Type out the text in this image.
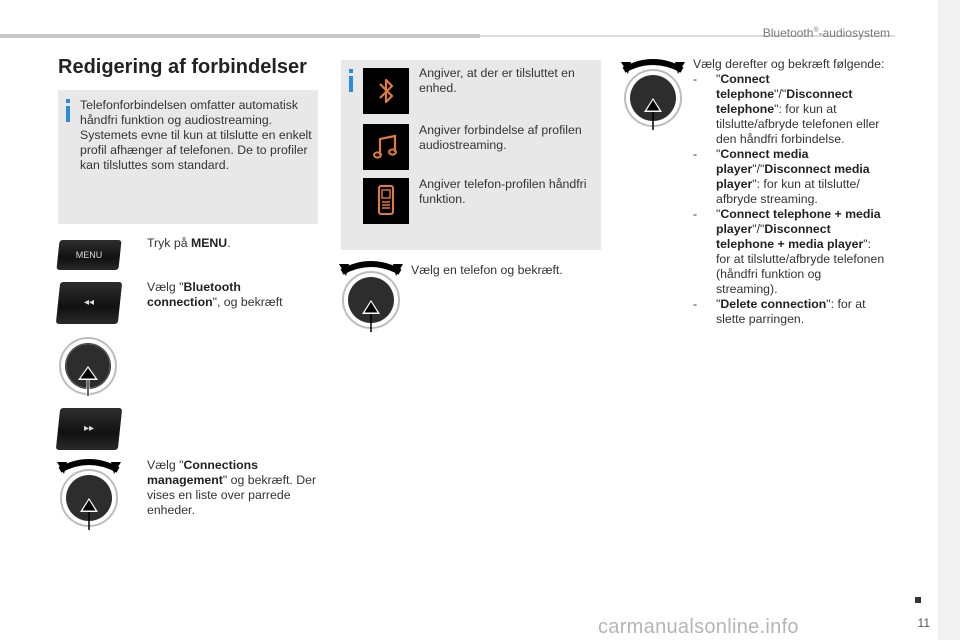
Bluetooth®-audiosystem
Redigering af forbindelser
Telefonforbindelsen omfatter automatisk håndfri funktion og audiostreaming. Systemets evne til kun at tilslutte en enkelt profil afhænger af telefonen. De to profiler kan tilsluttes som standard.
MENU
Tryk på MENU.
◂◂
Vælg "Bluetooth connection", og bekræft
▸▸
Vælg "Connections management" og bekræft. Der vises en liste over parrede enheder.
Angiver, at der er tilsluttet en enhed.
Angiver forbindelse af profilen audiostreaming.
Angiver telefon-profilen håndfri funktion.
Vælg en telefon og bekræft.
Vælg derefter og bekræft følgende:
-	"Connect telephone"/"Disconnect telephone": for kun at tilslutte/afbryde telefonen eller den håndfri forbindelse.
-	"Connect media player"/"Disconnect media player": for kun at tilslutte/ afbryde streaming.
-	"Connect telephone + media player"/"Disconnect telephone + media player": for at tilslutte/afbryde telefonen (håndfri funktion og streaming).
-	"Delete connection": for at slette parringen.
11
carmanualsonline.info
